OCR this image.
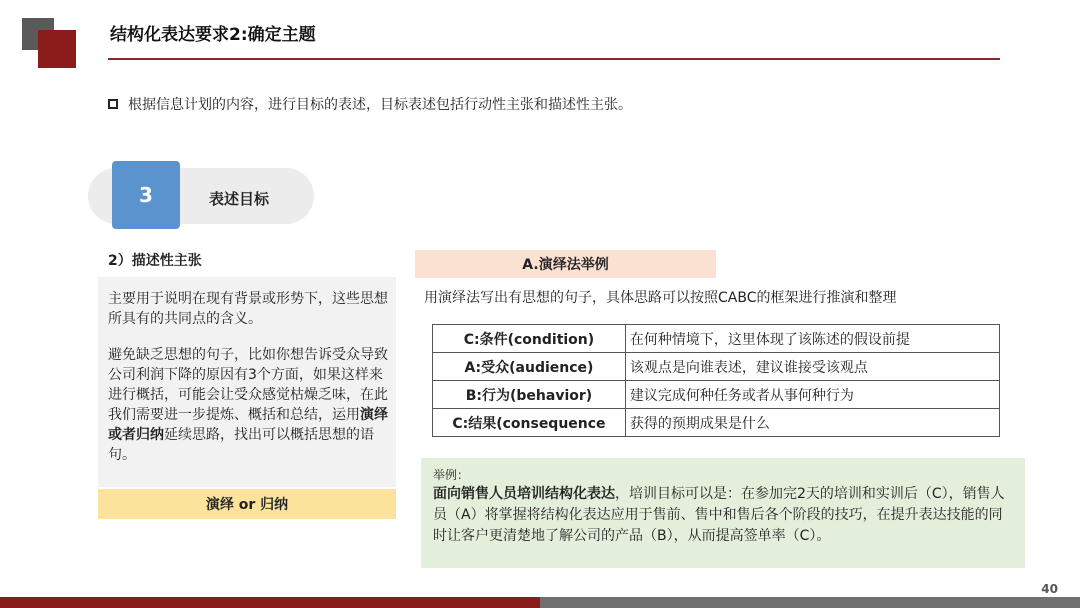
结构化表达要求2:确定主题
根据信息计划的内容，进行目标的表述，目标表述包括行动性主张和描述性主张。
3	表述目标
2）描述性主张
主要用于说明在现有背景或形势下，这些思想所具有的共同点的含义。
避免缺乏思想的句子，比如你想告诉受众导致公司利润下降的原因有3个方面，如果这样来进行概括，可能会让受众感觉枯燥乏味，在此我们需要进一步提炼、概括和总结，运用演绎或者归纳延续思路，找出可以概括思想的语句。
演绎 or 归纳
A.演绎法举例
用演绎法写出有思想的句子，具体思路可以按照CABC的框架进行推演和整理
C:条件(condition)	在何种情境下，这里体现了该陈述的假设前提
A:受众(audience)	该观点是向谁表述，建议谁接受该观点
B:行为(behavior)	建议完成何种任务或者从事何种行为
C:结果(consequence	获得的预期成果是什么
举例：
面向销售人员培训结构化表达，培训目标可以是：在参加完2天的培训和实训后（C），销售人员（A）将掌握将结构化表达应用于售前、售中和售后各个阶段的技巧，在提升表达技能的同时让客户更清楚地了解公司的产品（B），从而提高签单率（C）。
40
